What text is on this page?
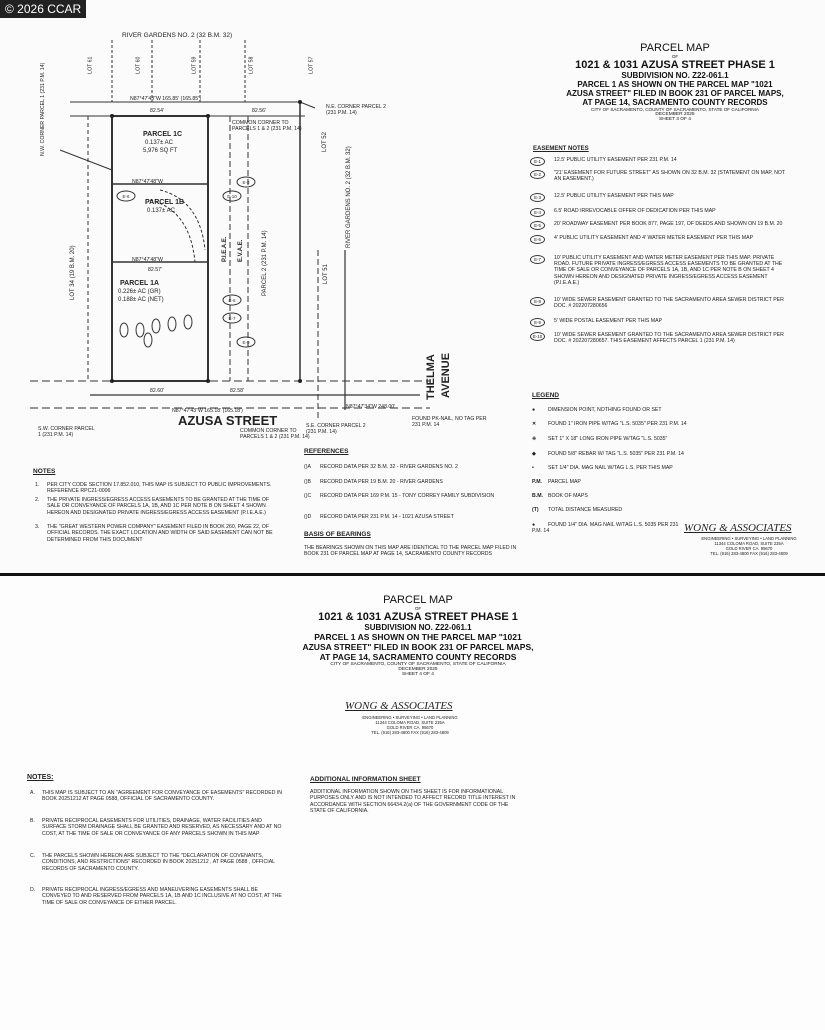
PARCEL MAP
OF
1021 & 1031 AZUSA STREET PHASE 1
SUBDIVISION NO. Z22-061.1
PARCEL 1 AS SHOWN ON THE PARCEL MAP "1021
AZUSA STREET" FILED IN BOOK 231 OF PARCEL MAPS,
AT PAGE 14, SACRAMENTO COUNTY RECORDS
CITY OF SACRAMENTO, COUNTY OF SACRAMENTO, STATE OF CALIFORNIA
DECEMBER 2025
SHEET 3 OF 4
EASEMENT NOTES
E-1	12.5' PUBLIC UTILITY EASEMENT PER 231 P.M. 14
E-2	"21' EASEMENT FOR FUTURE STREET" AS SHOWN ON 32 B.M. 32 (STATEMENT ON MAP, NOT AN EASEMENT.)
E-3	12.5' PUBLIC UTILITY EASEMENT PER THIS MAP
E-4	6.5' ROAD IRREVOCABLE OFFER OF DEDICATION PER THIS MAP
E-5	20' ROADWAY EASEMENT PER BOOK 877, PAGE 197, OF DEEDS AND SHOWN ON 19 B.M. 20
E-6	4' PUBLIC UTILITY EASEMENT AND 4' WATER METER EASEMENT PER THIS MAP
E-7	10' PUBLIC UTILITY EASEMENT AND WATER METER EASEMENT PER THIS MAP. PRIVATE ROAD. FUTURE PRIVATE INGRESS/EGRESS ACCESS EASEMENTS TO BE GRANTED AT THE TIME OF SALE OR CONVEYANCE OF PARCELS 1A, 1B, AND 1C PER NOTE B ON SHEET 4 SHOWN HEREON AND DESIGNATED PRIVATE INGRESS/EGRESS ACCESS EASEMENT (P.I.E.A.E.)
E-8	10' WIDE SEWER EASEMENT GRANTED TO THE SACRAMENTO AREA SEWER DISTRICT PER DOC. # 202207280656
E-9	5' WIDE POSTAL EASEMENT PER THIS MAP
E-10	10' WIDE SEWER EASEMENT GRANTED TO THE SACRAMENTO AREA SEWER DISTRICT PER DOC. # 202207280657. THIS EASEMENT AFFECTS PARCEL 1 (231 P.M. 14)
LEGEND
● DIMENSION POINT, NOTHING FOUND OR SET
✕ FOUND 1" IRON PIPE W/TAG "L.S. 5035" PER 231 P.M. 14
⁜ SET 1" X 18" LONG IRON PIPE W/TAG "L.S. 5035"
◆ FOUND 5/8" REBAR W/ TAG "L.S. 5035" PER 231 P.M. 14
•	SET 1/4" DIA. MAG NAIL W/TAG L.S. PER THIS MAP
P.M. PARCEL MAP
B.M. BOOK OF MAPS
(T) TOTAL DISTANCE MEASURED
● FOUND 1/4" DIA. MAG NAIL W/TAG L.S. 5035 PER 231 P.M. 14	WONG & ASSOCIATES
ENGINEERING • SURVEYING • LAND PLANNING
11344 COLOMA ROAD, SUITE 235A
GOLD RIVER CA. 95670
TEL. (916) 283-4800 FAX (916) 283-4809
NOTES
1. PER CITY CODE SECTION 17.852.010, THIS MAP IS SUBJECT TO PUBLIC IMPROVEMENTS. REFERENCE RPC21-0006
2. THE PRIVATE INGRESS/EGRESS ACCESS EASEMENTS TO BE GRANTED AT THE TIME OF SALE OR CONVEYANCE OF PARCELS 1A, 1B, AND 1C PER NOTE B ON SHEET 4 SHOWN HEREON AND DESIGNATED PRIVATE INGRESS/EGRESS ACCESS EASEMENT (P.I.E.A.E.)
3. THE "GREAT WESTERN POWER COMPANY" EASEMENT FILED IN BOOK 260, PAGE 22, OF OFFICIAL RECORDS. THE EXACT LOCATION AND WIDTH OF SAID EASEMENT CAN NOT BE DETERMINED FROM THIS DOCUMENT
REFERENCES
()A RECORD DATA PER 32 B.M. 32 - RIVER GARDENS NO. 2
()B RECORD DATA PER 19 B.M. 20 - RIVER GARDENS
()C RECORD DATA PER 169 P.M. 15 - TONY CORREY FAMILY SUBDIVISION
()D RECORD DATA PER 231 P.M. 14 - 1021 AZUSA STREET
BASIS OF BEARINGS
THE BEARINGS SHOWN ON THIS MAP ARE IDENTICAL TO THE PARCEL MAP FILED IN BOOK 231 OF PARCEL MAP AT PAGE 14, SACRAMENTO COUNTY RECORDS
E-8
E-10
E-6
E-6
E-7
E-9
RIVER GARDENS NO. 2 (32 B.M. 32)
LOT 61	LOT 60	LOT 59	LOT 58	LOT 57
N87°47'43"W 165.85' (165.85')
82.54'	82.56'
N.E. CORNER PARCEL 2 (231 P.M. 14)
COMMON CORNER TO PARCELS 1 & 2 (231 P.M. 14)
PARCEL 1C
0.137± AC
5,976 SQ FT
N87°47'48"W
PARCEL 1B
0.137± AC
N87°47'48"W
82.57'
PARCEL 1A
0.226± AC (GR)
0.188± AC (NET)
N.W. CORNER PARCEL 1 (231 P.M. 14)
LOT 34 (19 B.M. 20)
LOT 52
RIVER GARDENS NO. 2 (32 B.M. 32)
LOT 51
PARCEL 2 (231 P.M. 14)
P.I.E.A.E. E.V.A.E.
82.58'
82.60'
N87°47'43"W 165.18' (165.18')
N87°47'34"W 248.00'
AZUSA STREET
COMMON CORNER TO PARCELS 1 & 2 (231 P.M. 14)
S.W. CORNER PARCEL 1 (231 P.M. 14)
S.E. CORNER PARCEL 2 (231 P.M. 14)
FOUND PK-NAIL, NO TAG PER 231 P.M. 14
THELMA AVENUE
PARCEL MAP
OF
1021 & 1031 AZUSA STREET PHASE 1
SUBDIVISION NO. Z22-061.1
PARCEL 1 AS SHOWN ON THE PARCEL MAP "1021
AZUSA STREET" FILED IN BOOK 231 OF PARCEL MAPS,
AT PAGE 14, SACRAMENTO COUNTY RECORDS
CITY OF SACRAMENTO, COUNTY OF SACRAMENTO, STATE OF CALIFORNIA
DECEMBER 2025
SHEET 4 OF 4
WONG & ASSOCIATES
ENGINEERING • SURVEYING • LAND PLANNING
11344 COLOMA ROAD, SUITE 235A
GOLD RIVER CA. 95670
TEL. (916) 283-4800 FAX (916) 283-4809
NOTES:
A. THIS MAP IS SUBJECT TO AN "AGREEMENT FOR CONVEYANCE OF EASEMENTS" RECORDED IN BOOK 20251212 AT PAGE 0588, OFFICIAL OF SACRAMENTO COUNTY.
B. PRIVATE RECIPROCAL EASEMENTS FOR UTILITIES, DRAINAGE, WATER FACILITIES AND SURFACE STORM DRAINAGE SHALL BE GRANTED AND RESERVED, AS NECESSARY AND AT NO COST, AT THE TIME OF SALE OR CONVEYANCE OF ANY PARCELS SHOWN IN THIS MAP
C. THE PARCELS SHOWN HEREON ARE SUBJECT TO THE "DECLARATION OF COVENANTS, CONDITIONS, AND RESTRICTIONS" RECORDED IN BOOK 20251212 , AT PAGE 0588 , OFFICIAL RECORDS OF SACRAMENTO COUNTY.
D. PRIVATE RECIPROCAL INGRESS/EGRESS AND MANEUVERING EASEMENTS SHALL BE CONVEYED TO AND RESERVED FROM PARCELS 1A, 1B AND 1C INCLUSIVE AT NO COST, AT THE TIME OF SALE OR CONVEYANCE OF EITHER PARCEL.
ADDITIONAL INFORMATION SHEET
ADDITIONAL INFORMATION SHOWN ON THIS SHEET IS FOR INFORMATIONAL PURPOSES ONLY AND IS NOT INTENDED TO AFFECT RECORD TITLE INTEREST IN ACCORDANCE WITH SECTION 66434.2(a) OF THE GOVERNMENT CODE OF THE STATE OF CALIFORNIA.
© 2026 CCAR
